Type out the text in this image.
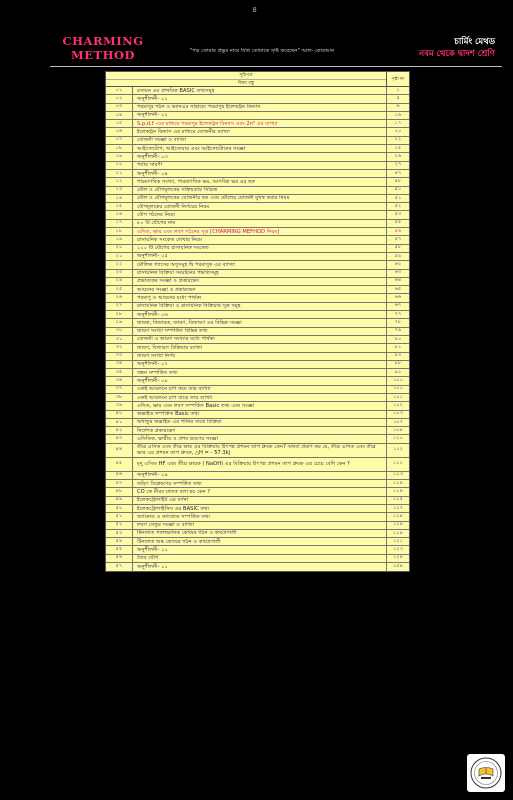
৪
CHARMING
METHOD	"পড় তোমার প্রভুর নামে যিনি তোমাকে সৃষ্টি করেছেন" আল- কোরআন
চার্মিং মেথড
নবম থেকে দ্বাদশ শ্রেণি
সূচিপত্র
বিষয় বস্তু
পৃষ্ঠা নং
০১	রসায়ন এর প্রাথমিক BASIC তথ্যসমূহ	১
০২	অনুশীলনী- ০১	৫
০৩	পরমাণুর গঠন ও ভ্যানএর সাহায্যে পরমাণুর ইলেকট্রন বিন্যাস	৬
০৪	অনুশীলনী- ০২	১৬
০৫	S,p,d,f -এর মাধ্যমে পরমাণুর ইলেকট্রন বিন্যাস এবং 2n² এর ব্যাখ্যা	১৭
০৬	ইলেকট্রন বিন্যাস এর মাধ্যমে যোজনীর ব্যাখ্যা	২০
০৭	যোজনী সংজ্ঞা ও ব্যাখ্যা	২২
০৮	আইসোটোপ, আইসোবার এবং আইসোটোনের সংজ্ঞা	২৫
০৯	অনুশীলনী- ০৩	২৬
১০	পর্যায় সারণী	২৭
১১	অনুশীলনী- ০৪	৪৭
১২	পারমাণবিক সংখ্যা, পারমাণবিক ভর, আণবিক ভর এর ছক	৪৮
১৩	মৌল ও যৌগমূলকের সক্রিয়তার সিরিজ	৫০
১৪	মৌল ও যৌগমূলকের যোজনীর ছক এবং মৌলের যোজনী মুখস্থ করার নিয়ম	৫১
১৫	যৌগমূলকের যোজনী নির্ণয়ের নিয়ম	৫২
১৬	যৌগ গঠনের নিয়ম	৫৩
১৭	৮০ টি যৌগের নাম	৫৫
১৮	এসিড, ক্ষার এবং লবণ গঠনের সূত্র [CHARMING MEFHOD নিয়ম]	৫৬
১৯	রাসায়নিক সংকেত লেখার নিয়ম	৫৭
২০	১০০ টি যৌগের রাসায়নিক সংকেত	৫৮
২১	অনুশীলনী- ০৫	৫৯
২২	মৌলিক গ্যাসের অণুসমূহ দ্বি পরমাণুক এর ব্যাখ্যা	৬২
২৩	রাসায়নিক বিক্রিয়া সংঘটনের পদ্ধতিসমূহ	৬৩
২৪	প্রভাবকের সংজ্ঞা ও প্রকারভেদ	৬৪
২৫	আয়নের সংজ্ঞা ও প্রকারভেদ	৬৫
২৬	পরমাণু ও আয়নের মধ্যে পার্থক্য	৬৬
২৭	রাসায়নিক বিক্রিয়া ও রাসায়নিক বিক্রিয়ার সূত্র সমূহ	৬৭
২৮	অনুশীলনী- ০৬	৭৭
২৯	জারক, বিজারক, জারণ, বিজারণ এর বিভিন্ন সংজ্ঞা	৭৮
৩০	জারণ সংখ্যা সম্পর্কিত বিভিন্ন তথ্য	৭৯
৩১	যোজনী ও জারণ সংখ্যার মধ্যে পার্থক্য	৮০
৩২	জারণ, বিজারণ বিক্রিয়ার ব্যাখ্যা	৮১
৩৩	জারণ সংখ্যা নির্ণয়	৮৩
৩৪	অনুশীলনী- ০৭	৮৮
৩৫	বন্ধন সম্পর্কিত তথ্য	৯১
৩৬	অনুশীলনী- ০৮	১০০
৩৭	একই আয়তনে চাপ কমে তার ব্যাখ্যা	১০০
৩৮	একই আয়তনে চাপ বাড়ে তার ব্যাখ্যা	১০১
৩৯	এসিড, ক্ষার এবং লবণ সম্পর্কিত Basic তথ্য এবং সংজ্ঞা	১০২
৪০	অক্সাইড সম্পর্কিত Basic তথ্য	১০৩
৪১	অধাতুর অক্সাইড এর পানির সাথে বিক্রিয়া	১০৭
৪২	নির্দেশক প্রকারভেদ	১০৮
৪৩	এসিডিক, ক্ষারীয় ও প্রশম দ্রবণের সংজ্ঞা	১১০
৪৪	তীব্র এসিড এবং তীব্র ক্ষার এর বিক্রিয়ায় উৎপন্ন প্রশমন তাপ ধ্রুবক কেন? অথবা প্রমাণ কর যে, তীব্র এসিড এবং তীব্র ক্ষার এর প্রশমন তাপ ধ্রুবক, △H = - 57.3kj
১১২
৪৫	মৃদু এসিড HF এবং তীব্র ক্ষারক ( NaOH) এর বিক্রিয়ায় উৎপন্ন প্রশমন তাপ ধ্রুবক এর চেয়ে বেশি কেন ?	১১২
৪৬	অনুশীলনী- ০৯	১১৩
৪৭	তড়িৎ বিশ্লেষণের সম্পর্কিত তথ্য	১১৪
৪৮	CO কে নীরব ঘাতক বলা হয় কেন ?	১১৪
৪৯	ইলেকট্রোলাইট এর বর্ণনা	১১৫
৫০	ইলেকট্রোলাইসিস এর BASIC তথ্য	১১৭
৫১	অ্যানোড ও ক্যাথোড সম্পর্কিত তথ্য	১১৮
৫২	লবণ সেতুর সংজ্ঞা ও ব্যাখ্যা	১১৯
৫৩	টিনজাত গ্যালভানিক কোষের গঠন ও কার্যপ্রণালী	১১৯
৫৪	টিনজাত শুষ্ক কোষের গঠন ও কার্যপ্রণালী	১২১
৫৫	অনুশীলনী- ১০	১২৩
৫৬	জৈব যৌগ	১২৪
৫৭	অনুশীলনী- ১১	১৫৪
